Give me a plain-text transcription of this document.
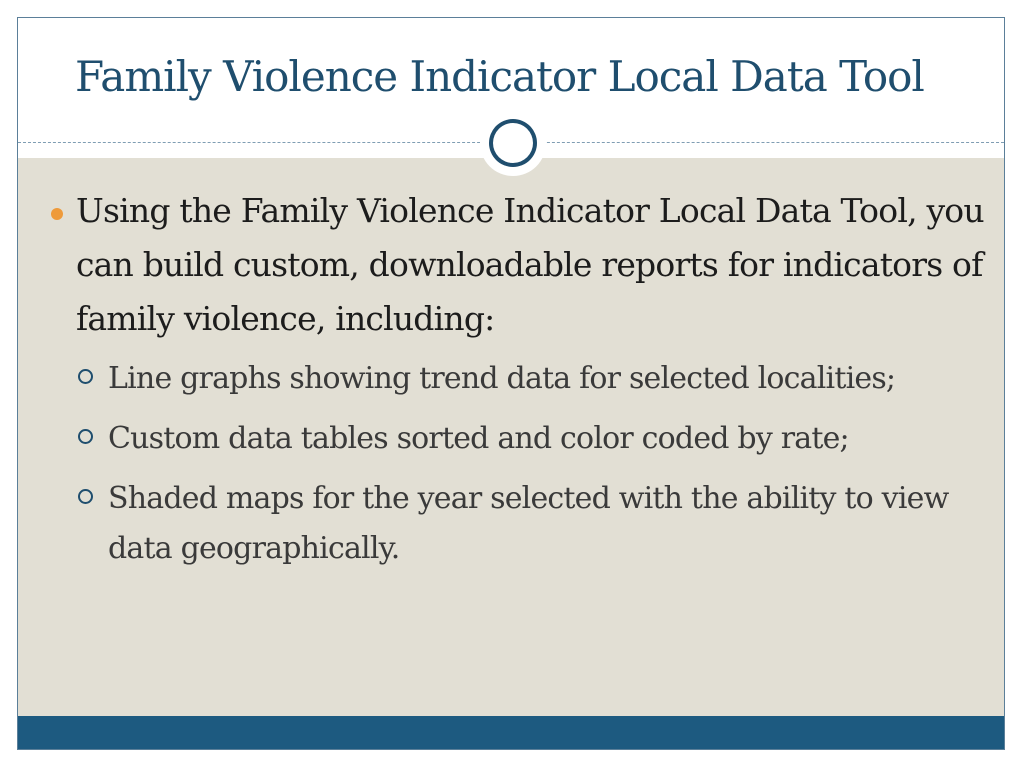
Family Violence Indicator Local Data Tool
Using the Family Violence Indicator Local Data Tool, you can build custom, downloadable reports for indicators of family violence, including:
Line graphs showing trend data for selected localities;
Custom data tables sorted and color coded by rate;
Shaded maps for the year selected with the ability to view data geographically.
